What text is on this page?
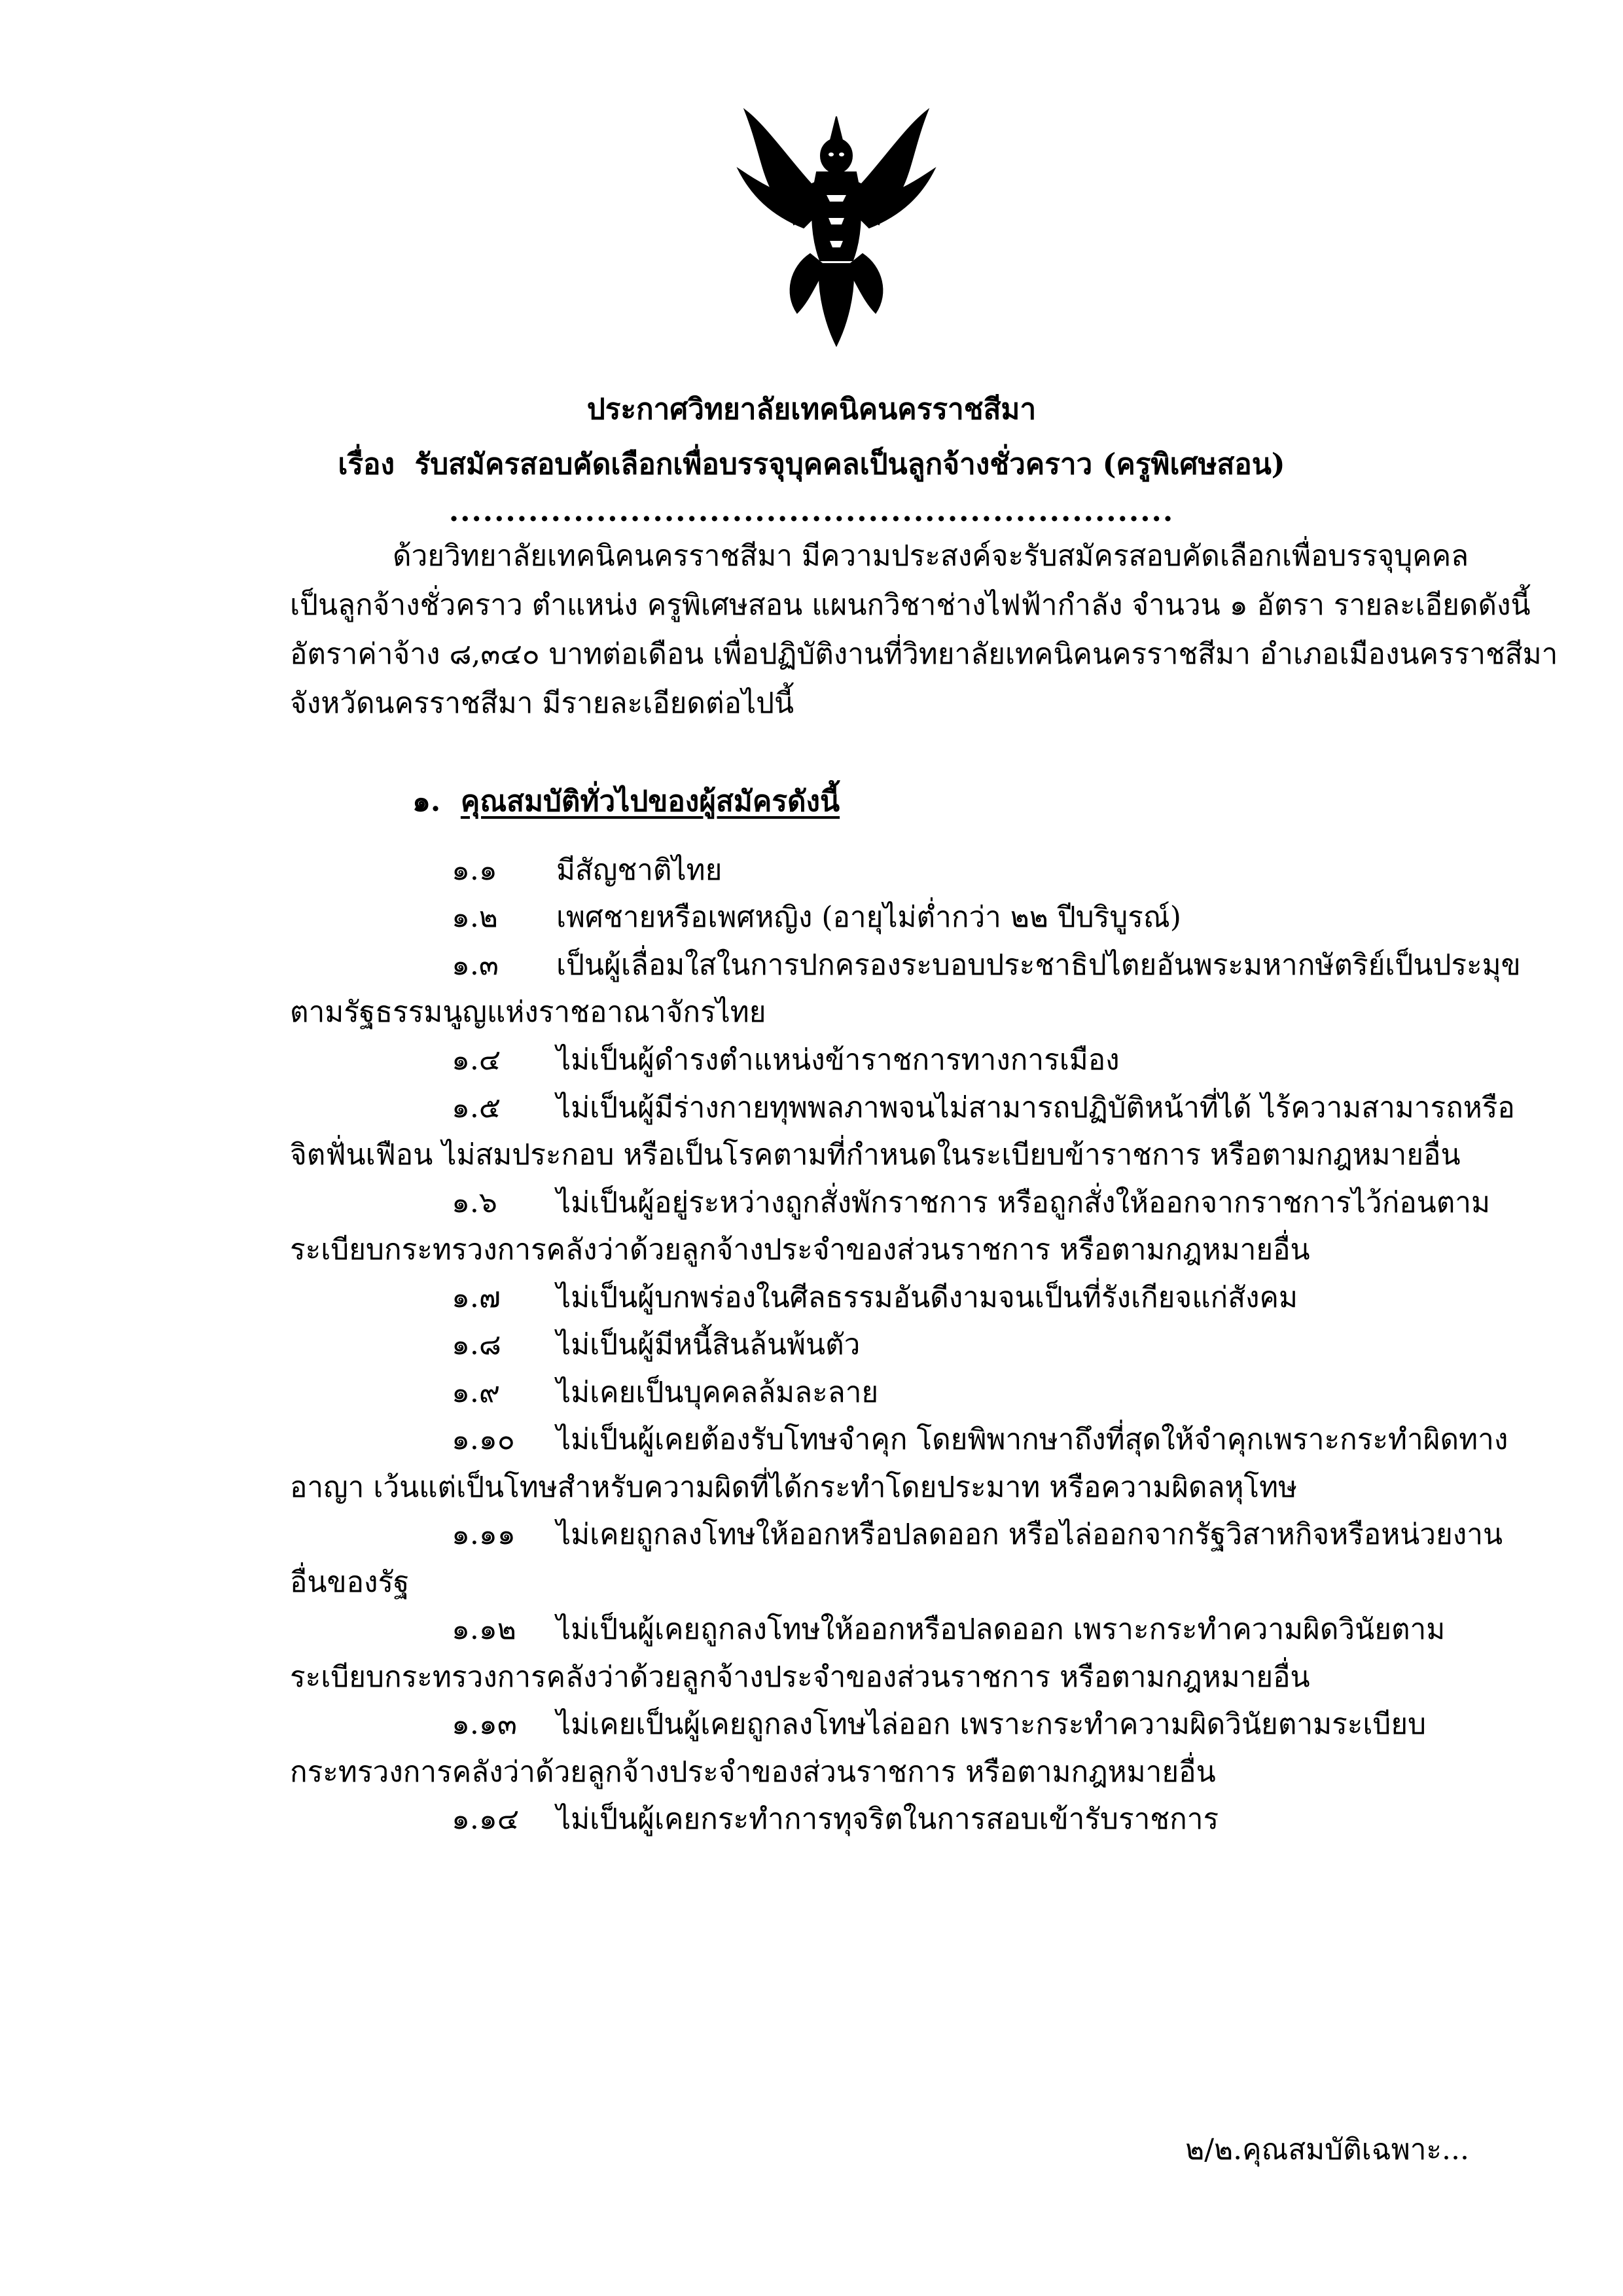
ประกาศวิทยาลัยเทคนิคนครราชสีมา
เรื่อง รับสมัครสอบคัดเลือกเพื่อบรรจุบุคคลเป็นลูกจ้างชั่วคราว (ครูพิเศษสอน)
................................................................
ด้วยวิทยาลัยเทคนิคนครราชสีมา มีความประสงค์จะรับสมัครสอบคัดเลือกเพื่อบรรจุบุคคล
เป็นลูกจ้างชั่วคราว ตำแหน่ง ครูพิเศษสอน แผนกวิชาช่างไฟฟ้ากำลัง จำนวน ๑ อัตรา รายละเอียดดังนี้
อัตราค่าจ้าง ๘,๓๔๐ บาทต่อเดือน เพื่อปฏิบัติงานที่วิทยาลัยเทคนิคนครราชสีมา อำเภอเมืองนครราชสีมา
จังหวัดนครราชสีมา มีรายละเอียดต่อไปนี้
๑. คุณสมบัติทั่วไปของผู้สมัครดังนี้
๑.๑ มีสัญชาติไทย
๑.๒ เพศชายหรือเพศหญิง (อายุไม่ต่ำกว่า ๒๒ ปีบริบูรณ์)
๑.๓ เป็นผู้เลื่อมใสในการปกครองระบอบประชาธิปไตยอันพระมหากษัตริย์เป็นประมุข
ตามรัฐธรรมนูญแห่งราชอาณาจักรไทย
๑.๔ ไม่เป็นผู้ดำรงตำแหน่งข้าราชการทางการเมือง
๑.๕ ไม่เป็นผู้มีร่างกายทุพพลภาพจนไม่สามารถปฏิบัติหน้าที่ได้ ไร้ความสามารถหรือ
จิตฟั่นเฟือน ไม่สมประกอบ หรือเป็นโรคตามที่กำหนดในระเบียบข้าราชการ หรือตามกฎหมายอื่น
๑.๖ ไม่เป็นผู้อยู่ระหว่างถูกสั่งพักราชการ หรือถูกสั่งให้ออกจากราชการไว้ก่อนตาม
ระเบียบกระทรวงการคลังว่าด้วยลูกจ้างประจำของส่วนราชการ หรือตามกฎหมายอื่น
๑.๗ ไม่เป็นผู้บกพร่องในศีลธรรมอันดีงามจนเป็นที่รังเกียจแก่สังคม
๑.๘ ไม่เป็นผู้มีหนี้สินล้นพ้นตัว
๑.๙ ไม่เคยเป็นบุคคลล้มละลาย
๑.๑๐ ไม่เป็นผู้เคยต้องรับโทษจำคุก โดยพิพากษาถึงที่สุดให้จำคุกเพราะกระทำผิดทาง
อาญา เว้นแต่เป็นโทษสำหรับความผิดที่ได้กระทำโดยประมาท หรือความผิดลหุโทษ
๑.๑๑ ไม่เคยถูกลงโทษให้ออกหรือปลดออก หรือไล่ออกจากรัฐวิสาหกิจหรือหน่วยงาน
อื่นของรัฐ
๑.๑๒ ไม่เป็นผู้เคยถูกลงโทษให้ออกหรือปลดออก เพราะกระทำความผิดวินัยตาม
ระเบียบกระทรวงการคลังว่าด้วยลูกจ้างประจำของส่วนราชการ หรือตามกฎหมายอื่น
๑.๑๓ ไม่เคยเป็นผู้เคยถูกลงโทษไล่ออก เพราะกระทำความผิดวินัยตามระเบียบ
กระทรวงการคลังว่าด้วยลูกจ้างประจำของส่วนราชการ หรือตามกฎหมายอื่น
๑.๑๔ ไม่เป็นผู้เคยกระทำการทุจริตในการสอบเข้ารับราชการ
๒/๒.คุณสมบัติเฉพาะ...
